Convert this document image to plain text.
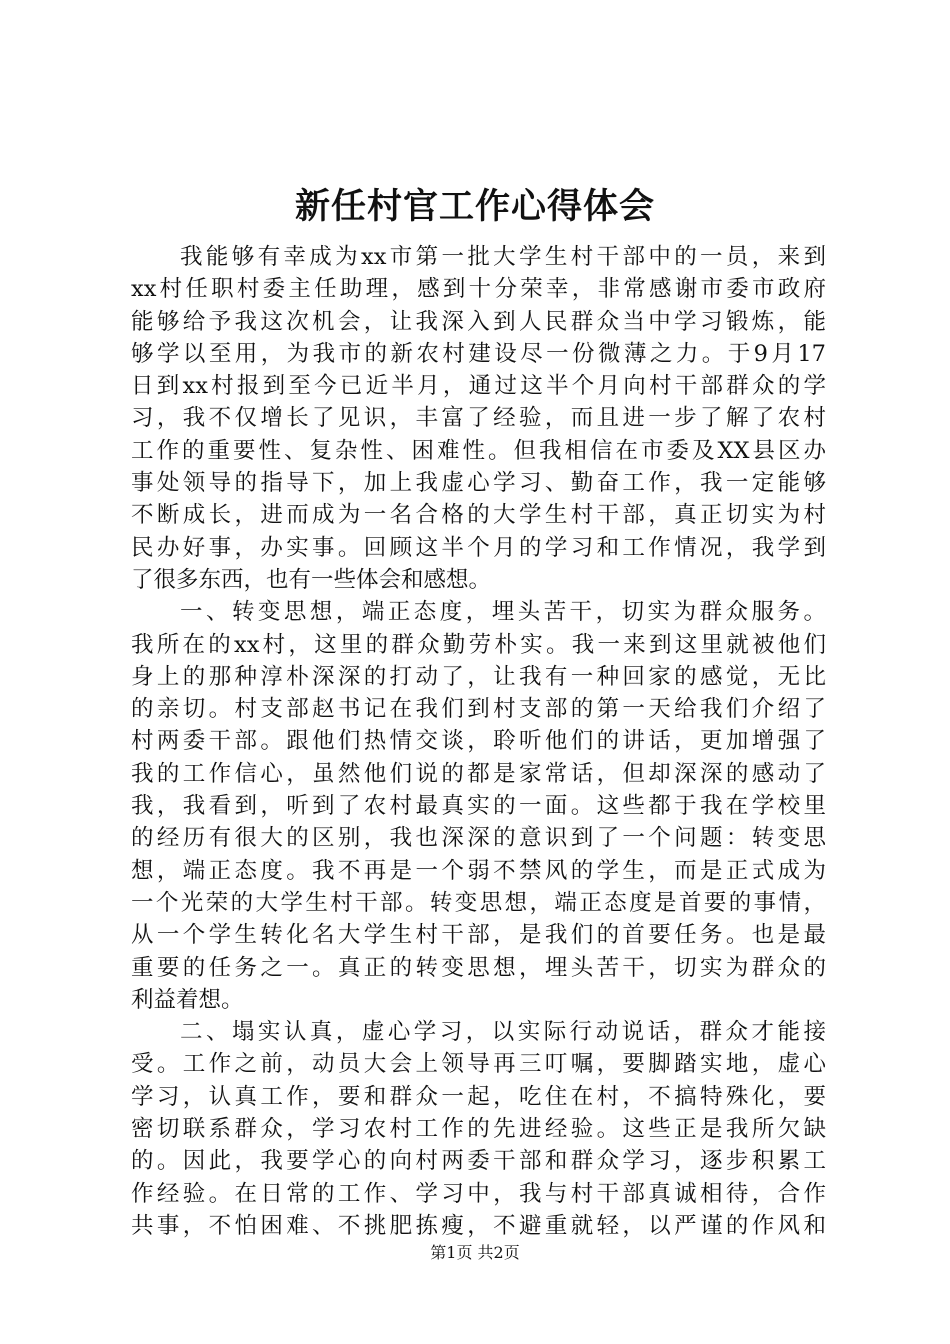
新任村官工作心得体会
我能够有幸成为xx市第一批大学生村干部中的一员，来到
xx村任职村委主任助理，感到十分荣幸，非常感谢市委市政府
能够给予我这次机会，让我深入到人民群众当中学习锻炼，能
够学以至用，为我市的新农村建设尽一份微薄之力。于9月17
日到xx村报到至今已近半月，通过这半个月向村干部群众的学
习，我不仅增长了见识，丰富了经验，而且进一步了解了农村
工作的重要性、复杂性、困难性。但我相信在市委及XX县区办
事处领导的指导下，加上我虚心学习、勤奋工作，我一定能够
不断成长，进而成为一名合格的大学生村干部，真正切实为村
民办好事，办实事。回顾这半个月的学习和工作情况，我学到
了很多东西，也有一些体会和感想。
一、转变思想，端正态度，埋头苦干，切实为群众服务。
我所在的xx村，这里的群众勤劳朴实。我一来到这里就被他们
身上的那种淳朴深深的打动了，让我有一种回家的感觉，无比
的亲切。村支部赵书记在我们到村支部的第一天给我们介绍了
村两委干部。跟他们热情交谈，聆听他们的讲话，更加增强了
我的工作信心，虽然他们说的都是家常话，但却深深的感动了
我，我看到，听到了农村最真实的一面。这些都于我在学校里
的经历有很大的区别，我也深深的意识到了一个问题：转变思
想，端正态度。我不再是一个弱不禁风的学生，而是正式成为
一个光荣的大学生村干部。转变思想，端正态度是首要的事情，
从一个学生转化名大学生村干部，是我们的首要任务。也是最
重要的任务之一。真正的转变思想，埋头苦干，切实为群众的
利益着想。
二、塌实认真，虚心学习，以实际行动说话，群众才能接
受。工作之前，动员大会上领导再三叮嘱，要脚踏实地，虚心
学习，认真工作，要和群众一起，吃住在村，不搞特殊化，要
密切联系群众，学习农村工作的先进经验。这些正是我所欠缺
的。因此，我要学心的向村两委干部和群众学习，逐步积累工
作经验。在日常的工作、学习中，我与村干部真诚相待，合作
共事，不怕困难、不挑肥拣瘦，不避重就轻，以严谨的作风和
第1页 共2页
